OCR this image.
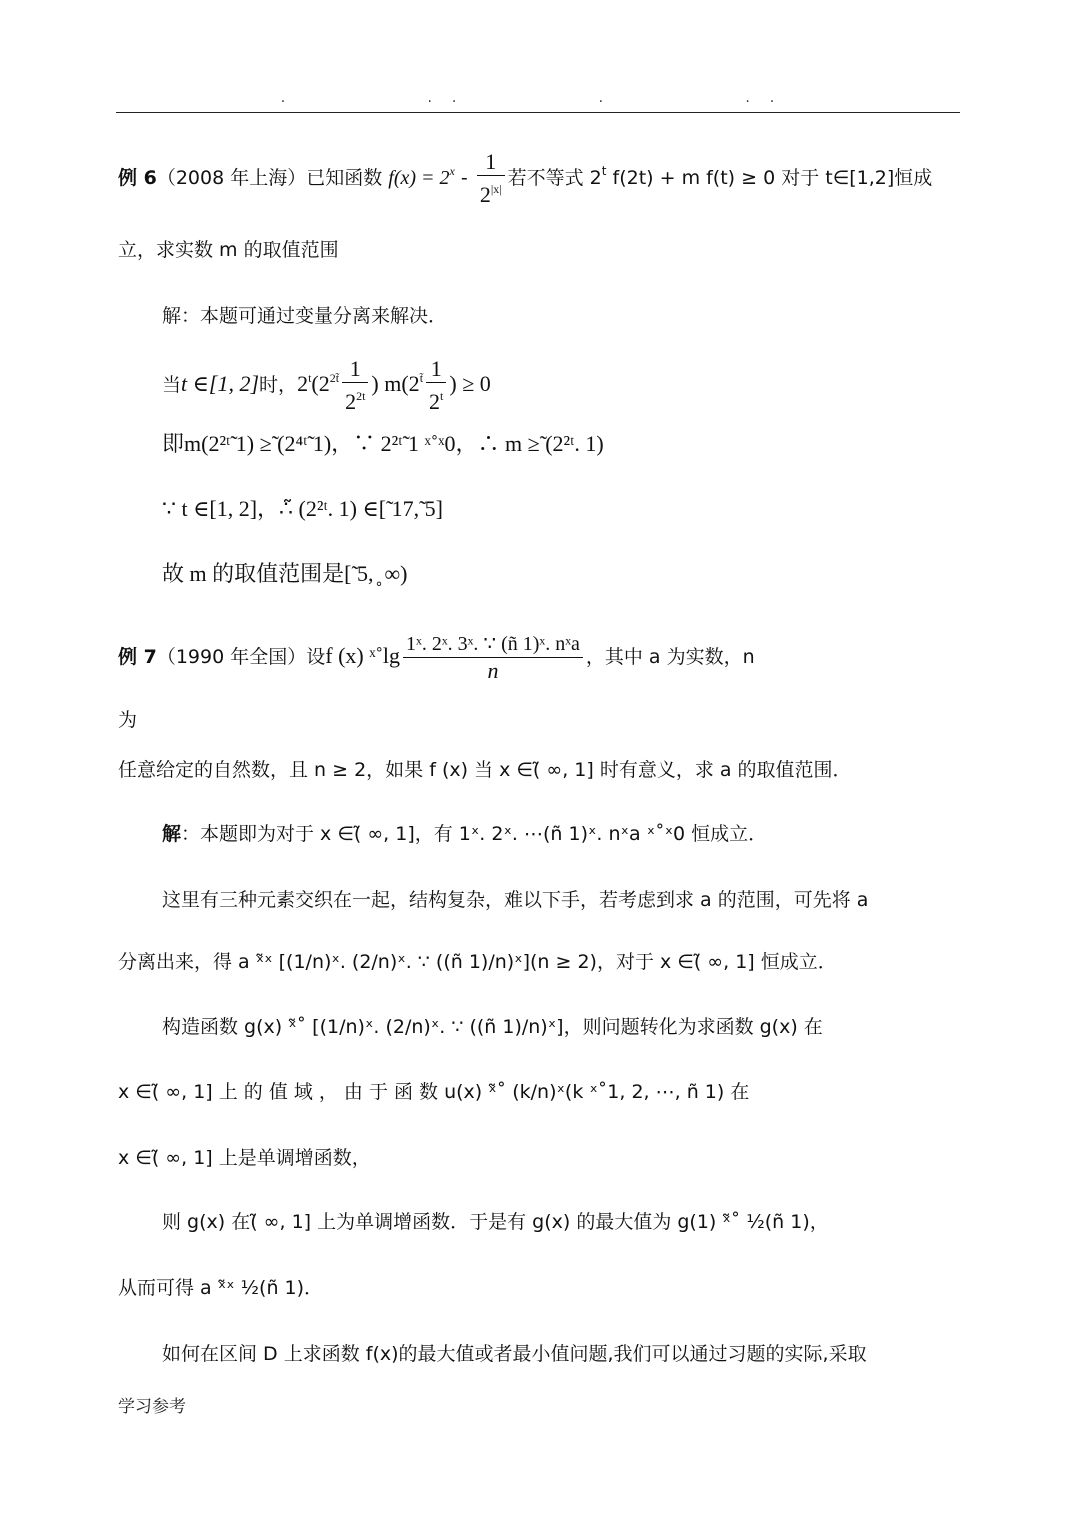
.     ..     .     ..
例 6（2008 年上海）已知函数 $f(x) = 2^x - \frac{1}{2^{|x|}}$ 若不等式 2$^t$ f(2t) + m f(t) ≥ 0 对于 t∈[1,2]恒成
立，求实数 m 的取值范围
解：本题可通过变量分离来解决．
当t ∈[1, 2]时，$2^t(2^{2t̃} \frac{1}{2^{2t}}$ ) $m(2^{t̃} \frac{1}{2^t}$ ) ≥ 0
即m(2²ᵗ̃ 1) ≥̃ (2⁴ᵗ̃ 1)，∵ 2²ᵗ̃ 1 ˣ˚ˣ0，∴ m ≥̃ (2²ᵗ. 1)
∵ t ∈[1, 2]，∴̃ (2²ᵗ. 1) ∈[̃ 17,̃ 5]
故 m 的取值范围是[̃ 5, ̥ ∞)
例 7（1990 年全国）设f (x) ˣ˚lg $\frac{\text{1ˣ. 2ˣ. 3ˣ. ∵ (ñ 1)ˣ. nˣa}}{n}$ ，其中 a 为实数，n
为
任意给定的自然数，且 n ≥ 2，如果 f (x) 当 x ∈(̃ ∞, 1] 时有意义，求 a 的取值范围．
解：本题即为对于 x ∈(̃ ∞, 1]，有 1ˣ. 2ˣ. ⋯(ñ 1)ˣ. nˣa ˣ˚ˣ0 恒成立．
这里有三种元素交织在一起，结构复杂，难以下手，若考虑到求 a 的范围，可先将 a
分离出来，得 a ˣ̃ˣ [(1/n)ˣ. (2/n)ˣ. ∵ ((ñ 1)/n)ˣ](n ≥ 2)，对于 x ∈(̃ ∞, 1] 恒成立．
构造函数 g(x) ˣ̃˚ [(1/n)ˣ. (2/n)ˣ. ∵ ((ñ 1)/n)ˣ]，则问题转化为求函数 g(x) 在
x ∈(̃ ∞, 1] 上 的 值 域 ， 由 于 函 数 u(x) ˣ̃˚ (k/n)ˣ(k ˣ˚1, 2, ⋯, ñ 1) 在
x ∈(̃ ∞, 1] 上是单调增函数，
则 g(x) 在(̃ ∞, 1] 上为单调增函数．于是有 g(x) 的最大值为 g(1) ˣ̃˚ ½(ñ 1)，
从而可得 a ˣ̃ˣ ½(ñ 1)．
如何在区间 D 上求函数 f(x)的最大值或者最小值问题,我们可以通过习题的实际,采取
学习参考
